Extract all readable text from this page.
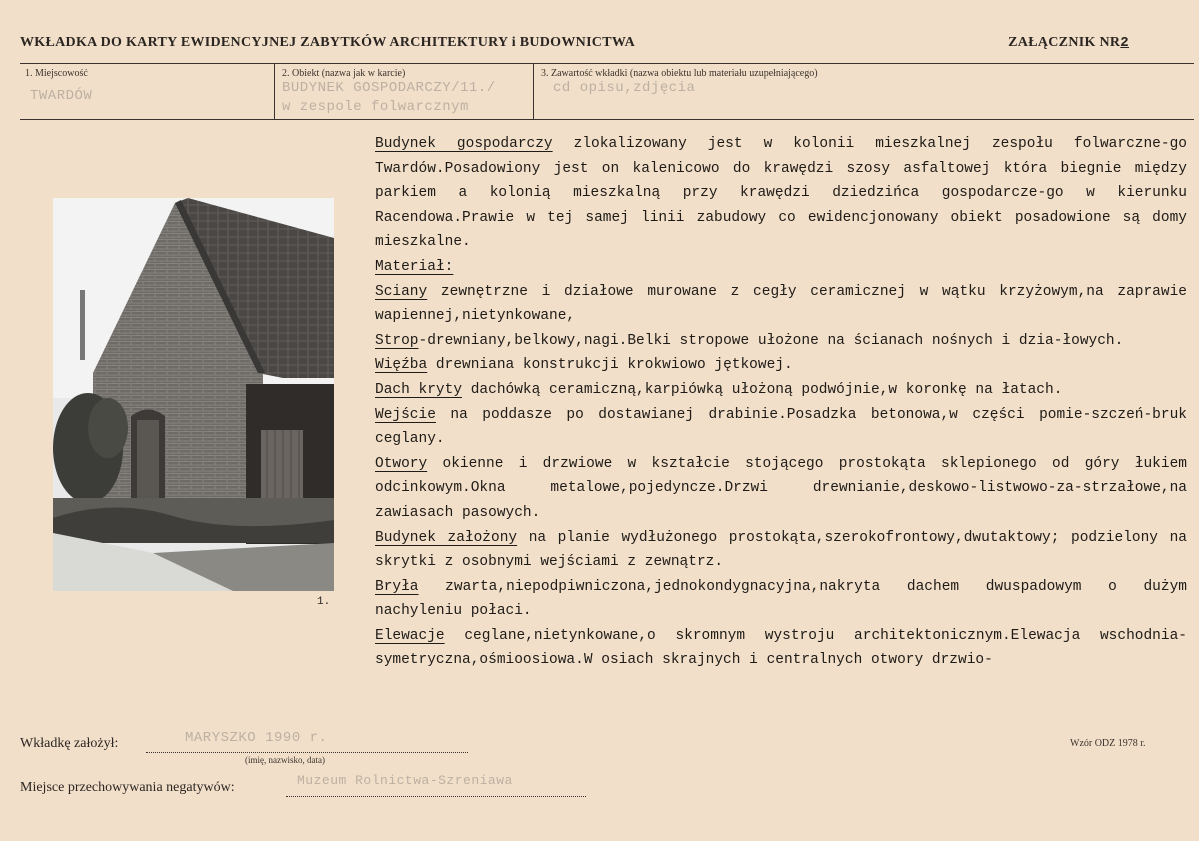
WKŁADKA DO KARTY EWIDENCYJNEJ ZABYTKÓW ARCHITEKTURY i BUDOWNICTWA	ZAŁĄCZNIK NR2
1. Miejscowość
TWARDÓW
2. Obiekt (nazwa jak w karcie)
BUDYNEK GOSPODARCZY/11./
w zespole folwarcznym
3. Zawartość wkładki (nazwa obiektu lub materiału uzupełniającego)
cd opisu,zdjęcia
1.
Budynek gospodarczy zlokalizowany jest w kolonii mieszkalnej zespołu folwarczne-go Twardów.Posadowiony jest on kalenicowo do krawędzi szosy asfaltowej która biegnie między parkiem a kolonią mieszkalną przy krawędzi dziedzińca gospodarcze-go w kierunku Racendowa.Prawie w tej samej linii zabudowy co ewidencjonowany obiekt posadowione są domy mieszkalne.
Materiał:
Sciany zewnętrzne i działowe murowane z cegły ceramicznej w wątku krzyżowym,na zaprawie wapiennej,nietynkowane,
Strop-drewniany,belkowy,nagi.Belki stropowe ułożone na ścianach nośnych i dzia-łowych.
Więźba drewniana konstrukcji krokwiowo jętkowej.
Dach kryty dachówką ceramiczną,karpiówką ułożoną podwójnie,w koronkę na łatach.
Wejście na poddasze po dostawianej drabinie.Posadzka betonowa,w części pomie-szczeń-bruk ceglany.
Otwory okienne i drzwiowe w kształcie stojącego prostokąta sklepionego od góry łukiem odcinkowym.Okna metalowe,pojedyncze.Drzwi drewnianie,deskowo-listwowo-za-strzałowe,na zawiasach pasowych.
Budynek założony na planie wydłużonego prostokąta,szerokofrontowy,dwutaktowy; podzielony na skrytki z osobnymi wejściami z zewnątrz.
Bryła zwarta,niepodpiwniczona,jednokondygnacyjna,nakryta dachem dwuspadowym o dużym nachyleniu połaci.
Elewacje ceglane,nietynkowane,o skromnym wystroju architektonicznym.Elewacja wschodnia-symetryczna,ośmioosiowa.W osiach skrajnych i centralnych otwory drzwio-
Wkładkę założył:	MARYSZKO 1990 r.
(imię, nazwisko, data)
Wzór ODZ 1978 r.
Miejsce przechowywania negatywów:	Muzeum Rolnictwa-Szreniawa
